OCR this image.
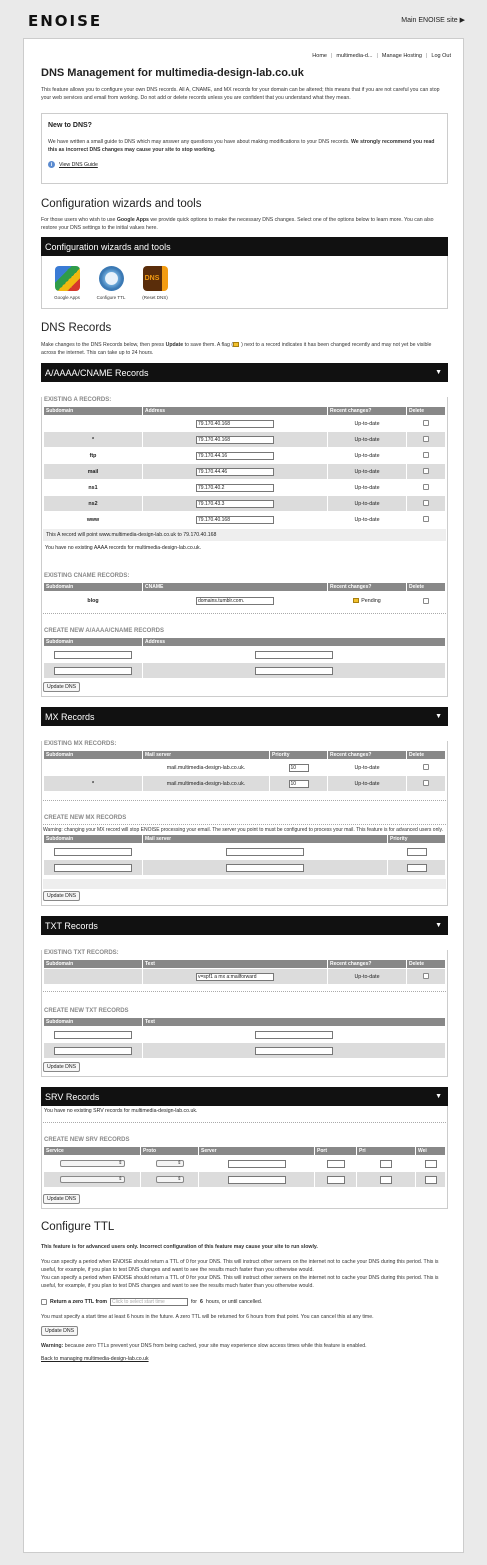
ENOISE	Main ENOISE site ▶
Home | multimedia-d... | Manage Hosting | Log Out
DNS Management for multimedia-design-lab.co.uk

This feature allows you to configure your own DNS records. All A, CNAME, and MX records for your domain can be altered; this means that if you are not careful you can stop your web services and email from working. Do not add or delete records unless you are confident that you understand what they mean.

New to DNS?

We have written a small guide to DNS which may answer any questions you have about making modifications to your DNS records. We strongly recommend you read this as incorrect DNS changes may cause your site to stop working.

i	View DNS Guide
Configuration wizards and tools

For those users who wish to use Google Apps we provide quick options to make the necessary DNS changes. Select one of the options below to learn more. You can also restore your DNS settings to the initial values here.

Configuration wizards and tools
Google Apps	Configure TTL
DNS
(Reset DNS)
DNS Records

Make changes to the DNS Records below, then press Update to save them. A flag ( ) next to a record indicates it has been changed recently and may not yet be visible across the internet. This can take up to 24 hours.

A/AAAA/CNAME Records	▼
EXISTING A RECORDS:
Subdomain	Address	Recent changes?	Delete
	79.170.40.168	Up-to-date	
*	79.170.40.168	Up-to-date	
ftp	79.170.44.16	Up-to-date	
mail	79.170.44.46	Up-to-date	
ns1	79.170.40.2	Up-to-date	
ns2	79.170.43.3	Up-to-date	
www	79.170.40.168	Up-to-date	
This A record will point www.multimedia-design-lab.co.uk to 79.170.40.168
You have no existing AAAA records for multimedia-design-lab.co.uk.
EXISTING CNAME RECORDS:
Subdomain	CNAME	Recent changes?	Delete
blog	domains.tumblr.com.	Pending	
CREATE NEW A/AAAA/CNAME RECORDS
Subdomain	Address

Update DNS
MX Records	▼
EXISTING MX RECORDS:
Subdomain	Mail server	Priority	Recent changes?	Delete
	mail.multimedia-design-lab.co.uk.	10	Up-to-date	
*	mail.multimedia-design-lab.co.uk.	10	Up-to-date	
CREATE NEW MX RECORDS

Warning: changing your MX record will stop ENOISE processing your email. The server you point to must be configured to process your mail. This feature is for advanced users only.

Subdomain	Mail server	Priority

Update DNS
TXT Records	▼
EXISTING TXT RECORDS:
Subdomain	Text	Recent changes?	Delete
	v=spf1 a mx a:mailforward	Up-to-date	
CREATE NEW TXT RECORDS
Subdomain	Text

Update DNS
SRV Records	▼
You have no existing SRV records for multimedia-design-lab.co.uk.
CREATE NEW SRV RECORDS
Service	Proto	Server	Port	Pri	Wei
⇕	⇕				
⇕	⇕				
Update DNS
Configure TTL

This feature is for advanced users only. Incorrect configuration of this feature may cause your site to run slowly.

You can specify a period when ENOISE should return a TTL of 0 for your DNS. This will instruct other servers on the internet not to cache your DNS during this period. This is useful, for example, if you plan to test DNS changes and want to see the results much faster than you otherwise would.

You can specify a period when ENOISE should return a TTL of 0 for your DNS. This will instruct other servers on the internet not to cache your DNS during this period. This is useful, for example, if you plan to test DNS changes and want to see the results much faster than you otherwise would.

Return a zero TTL from	Click to select start time	for 6 hours, or until cancelled.

You must specify a start time at least 6 hours in the future. A zero TTL will be returned for 6 hours from that point. You can cancel this at any time.

Update DNS

Warning: because zero TTLs prevent your DNS from being cached, your site may experience slow access times while this feature is enabled.

Back to managing multimedia-design-lab.co.uk
